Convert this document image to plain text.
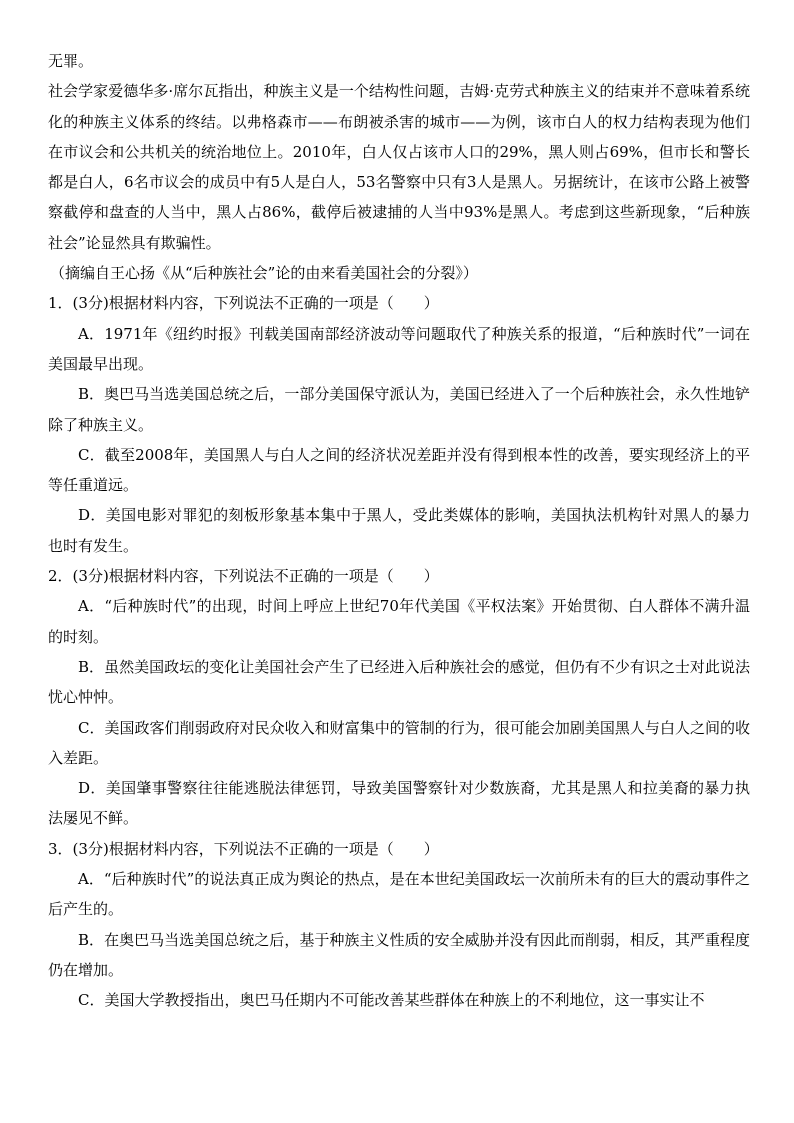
无罪。

社会学家爱德华多·席尔瓦指出，种族主义是一个结构性问题，吉姆·克劳式种族主义的结束并不意味着系统化的种族主义体系的终结。以弗格森市——布朗被杀害的城市——为例，该市白人的权力结构表现为他们在市议会和公共机关的统治地位上。2010年，白人仅占该市人口的29%，黑人则占69%，但市长和警长都是白人，6名市议会的成员中有5人是白人，53名警察中只有3人是黑人。另据统计，在该市公路上被警察截停和盘查的人当中，黑人占86%，截停后被逮捕的人当中93%是黑人。考虑到这些新现象，“后种族社会”论显然具有欺骗性。

（摘编自王心扬《从“后种族社会”论的由来看美国社会的分裂》）

1．(3分)根据材料内容，下列说法不正确的一项是（　　）

A．1971年《纽约时报》刊载美国南部经济波动等问题取代了种族关系的报道，“后种族时代”一词在美国最早出现。

B．奥巴马当选美国总统之后，一部分美国保守派认为，美国已经进入了一个后种族社会，永久性地铲除了种族主义。

C．截至2008年，美国黑人与白人之间的经济状况差距并没有得到根本性的改善，要实现经济上的平等任重道远。

D．美国电影对罪犯的刻板形象基本集中于黑人，受此类媒体的影响，美国执法机构针对黑人的暴力也时有发生。

2．(3分)根据材料内容，下列说法不正确的一项是（　　）

A．“后种族时代”的出现，时间上呼应上世纪70年代美国《平权法案》开始贯彻、白人群体不满升温的时刻。

B．虽然美国政坛的变化让美国社会产生了已经进入后种族社会的感觉，但仍有不少有识之士对此说法忧心忡忡。

C．美国政客们削弱政府对民众收入和财富集中的管制的行为，很可能会加剧美国黑人与白人之间的收入差距。

D．美国肇事警察往往能逃脱法律惩罚，导致美国警察针对少数族裔，尤其是黑人和拉美裔的暴力执法屡见不鲜。

3．(3分)根据材料内容，下列说法不正确的一项是（　　）

A．“后种族时代”的说法真正成为舆论的热点，是在本世纪美国政坛一次前所未有的巨大的震动事件之后产生的。

B．在奥巴马当选美国总统之后，基于种族主义性质的安全威胁并没有因此而削弱，相反，其严重程度仍在增加。

C．美国大学教授指出，奥巴马任期内不可能改善某些群体在种族上的不利地位，这一事实让不
